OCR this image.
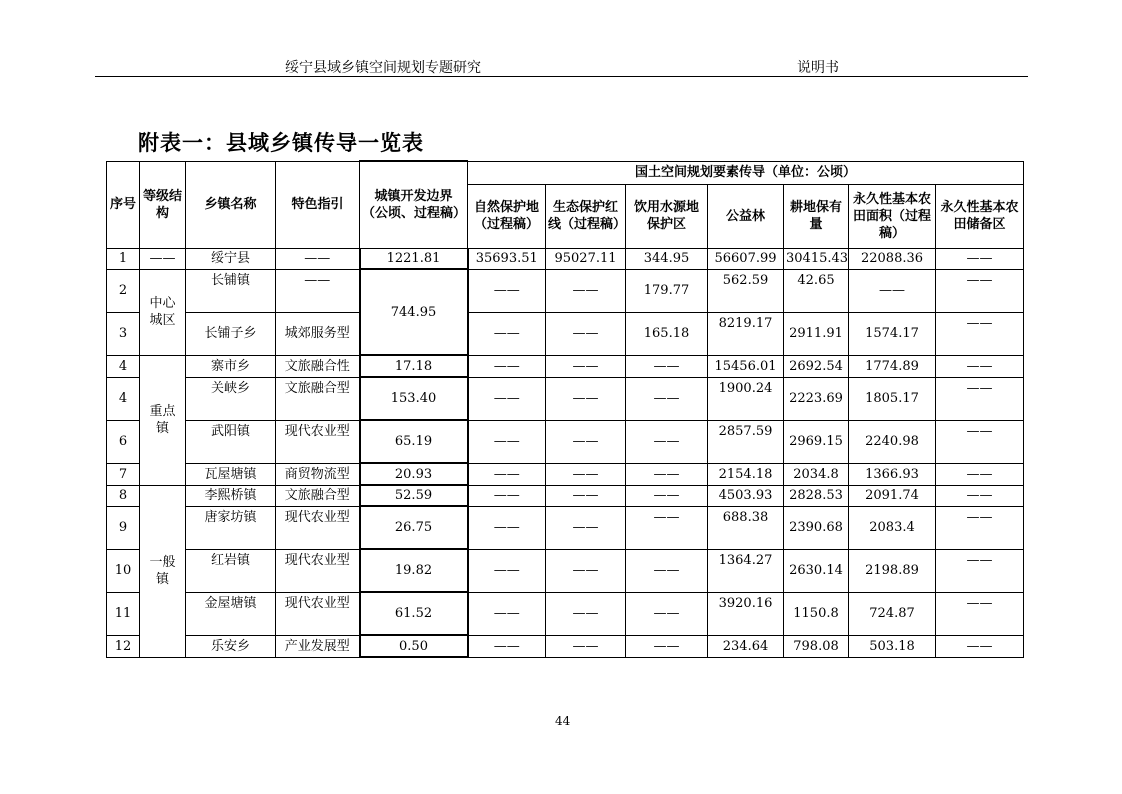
绥宁县域乡镇空间规划专题研究	说明书
附表一：县域乡镇传导一览表
序号	等级结构	乡镇名称	特色指引	城镇开发边界（公顷、过程稿）	国土空间规划要素传导（单位：公顷）						
					自然保护地（过程稿）	生态保护红线（过程稿）	饮用水源地保护区	公益林	耕地保有量	永久性基本农田面积（过程稿）	永久性基本农田储备区
1	——	绥宁县	——	1221.81	35693.51	95027.11	344.95	56607.99	30415.43	22088.36	——
2	中心城区	长铺镇	——	744.95	——	——	179.77	562.59	42.65	——	——

3		长铺子乡	城郊服务型		——	——	165.18	8219.17	2911.91	1574.17	——

4	重点镇	寨市乡	文旅融合性	17.18	——	——	——	15456.01	2692.54	1774.89	——
4		关峡乡	文旅融合型	153.40	——	——	——	1900.24	2223.69	1805.17	——

6		武阳镇	现代农业型	65.19	——	——	——	2857.59	2969.15	2240.98	——

7		瓦屋塘镇	商贸物流型	20.93	——	——	——	2154.18	2034.8	1366.93	——
8	一般镇	李熙桥镇	文旅融合型	52.59	——	——	——	4503.93	2828.53	2091.74	——
9		唐家坊镇	现代农业型	26.75	——	——	——	688.38	2390.68	2083.4	——

10		红岩镇	现代农业型	19.82	——	——	——	1364.27	2630.14	2198.89	——

11		金屋塘镇	现代农业型	61.52	——	——	——	3920.16	1150.8	724.87	——

12		乐安乡	产业发展型	0.50	——	——	——	234.64	798.08	503.18	——
44
